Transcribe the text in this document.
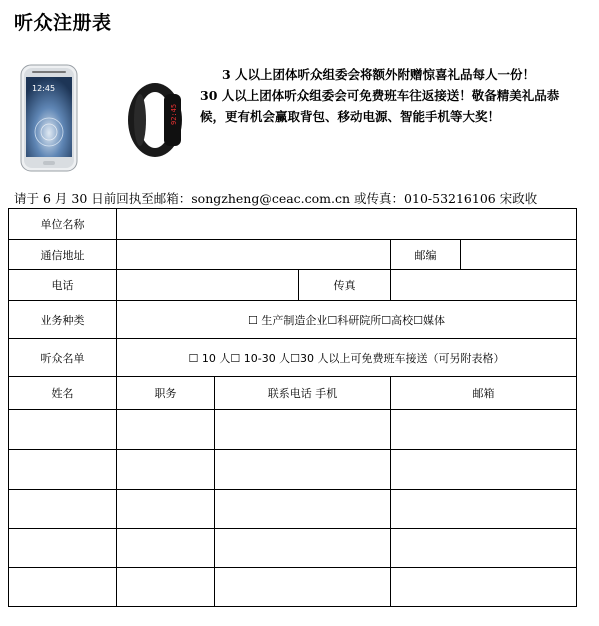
听众注册表
12:45
92:45

3 人以上团体听众组委会将额外附赠惊喜礼品每人一份！

30 人以上团体听众组委会可免费班车往返接送！敬备精美礼品恭候，更有机会赢取背包、移动电源、智能手机等大奖！

请于 6 月 30 日前回执至邮箱：songzheng@ceac.com.cn 或传真：010-53216106 宋政收
单位名称					
通信地址				邮编	
电话			传真		
业务种类	☐ 生产制造企业☐科研院所☐高校☐媒体				
听众名单	☐ 10 人☐ 10-30 人☐30 人以上可免费班车接送（可另附表格）				
姓名	职务	联系电话 手机		邮箱	
